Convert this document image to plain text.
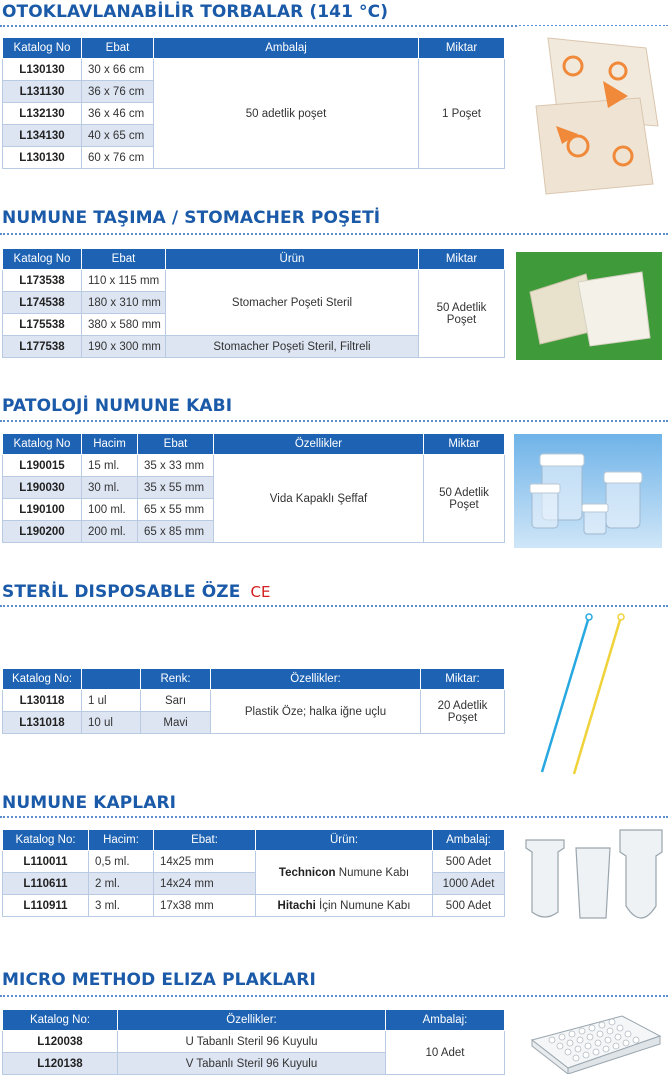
OTOKLAVLANABİLİR TORBALAR (141 °C)
Katalog No	Ebat	Ambalaj	Miktar
L130130	30 x 66 cm	50 adetlik poşet	1 Poşet
L131130	36 x 76 cm		
L132130	36 x 46 cm		
L134130	40 x 65 cm		
L130130	60 x 76 cm		
NUMUNE TAŞIMA / STOMACHER POŞETİ
Katalog No	Ebat	Ürün	Miktar
L173538	110 x 115 mm	Stomacher Poşeti Steril	50 Adetlik
Poşet
L174538	180 x 310 mm		
L175538	380 x 580 mm		
L177538	190 x 300 mm	Stomacher Poşeti Steril, Filtreli	
PATOLOJİ NUMUNE KABI
Katalog No	Hacim	Ebat	Özellikler	Miktar
L190015	15 ml.	35 x 33 mm	Vida Kapaklı Şeffaf	50 Adetlik
Poşet
L190030	30 ml.	35 x 55 mm		
L190100	100 ml.	65 x 55 mm		
L190200	200 ml.	65 x 85 mm		
STERİL DISPOSABLE ÖZE CE
Katalog No:		Renk:	Özellikler:	Miktar:
L130118	1 ul	Sarı	Plastik Öze; halka iğne uçlu	20 Adetlik
Poşet
L131018	10 ul	Mavi		
NUMUNE KAPLARI
Katalog No:	Hacim:	Ebat:	Ürün:	Ambalaj:
L110011	0,5 ml.	14x25 mm	Technicon Numune Kabı	500 Adet
L110611	2 ml.	14x24 mm		1000 Adet
L110911	3 ml.	17x38 mm	Hitachi İçin Numune Kabı	500 Adet
MICRO METHOD ELIZA PLAKLARI
Katalog No:	Özellikler:	Ambalaj:
L120038	U Tabanlı Steril 96 Kuyulu	10 Adet
L120138	V Tabanlı Steril 96 Kuyulu	
